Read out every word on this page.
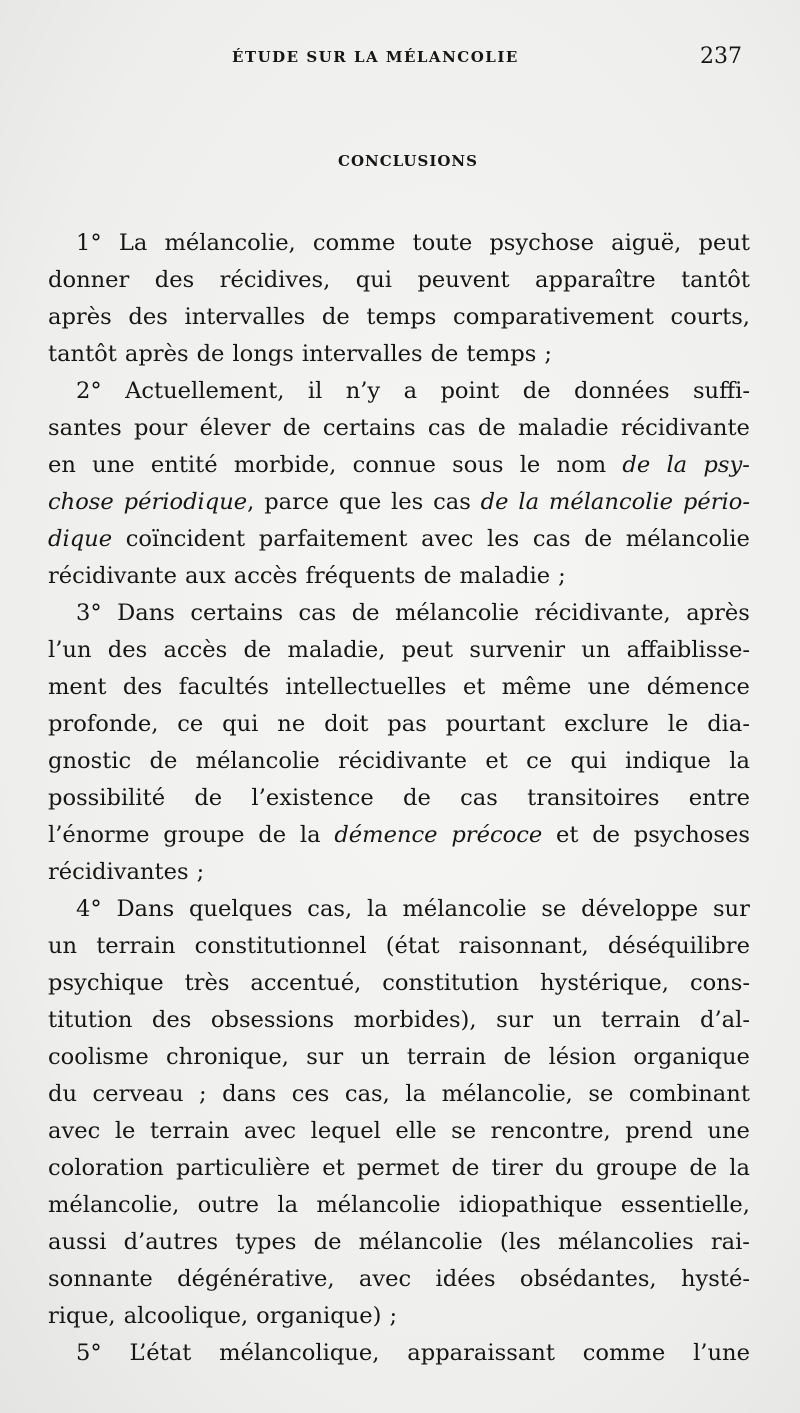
ÉTUDE SUR LA MÉLANCOLIE	237
CONCLUSIONS
1° La mélancolie, comme toute psychose aiguë, peut
donner des récidives, qui peuvent apparaître tantôt
après des intervalles de temps comparativement courts,
tantôt après de longs intervalles de temps ;
2° Actuellement, il n’y a point de données suffi-
santes pour élever de certains cas de maladie récidivante
en une entité morbide, connue sous le nom de la psy-
chose périodique, parce que les cas de la mélancolie pério-
dique coïncident parfaitement avec les cas de mélancolie
récidivante aux accès fréquents de maladie ;
3° Dans certains cas de mélancolie récidivante, après
l’un des accès de maladie, peut survenir un affaiblisse-
ment des facultés intellectuelles et même une démence
profonde, ce qui ne doit pas pourtant exclure le dia-
gnostic de mélancolie récidivante et ce qui indique la
possibilité de l’existence de cas transitoires entre
l’énorme groupe de la démence précoce et de psychoses
récidivantes ;
4° Dans quelques cas, la mélancolie se développe sur
un terrain constitutionnel (état raisonnant, déséquilibre
psychique très accentué, constitution hystérique, cons-
titution des obsessions morbides), sur un terrain d’al-
coolisme chronique, sur un terrain de lésion organique
du cerveau ; dans ces cas, la mélancolie, se combinant
avec le terrain avec lequel elle se rencontre, prend une
coloration particulière et permet de tirer du groupe de la
mélancolie, outre la mélancolie idiopathique essentielle,
aussi d’autres types de mélancolie (les mélancolies rai-
sonnante dégénérative, avec idées obsédantes, hysté-
rique, alcoolique, organique) ;
5° L’état mélancolique, apparaissant comme l’une
